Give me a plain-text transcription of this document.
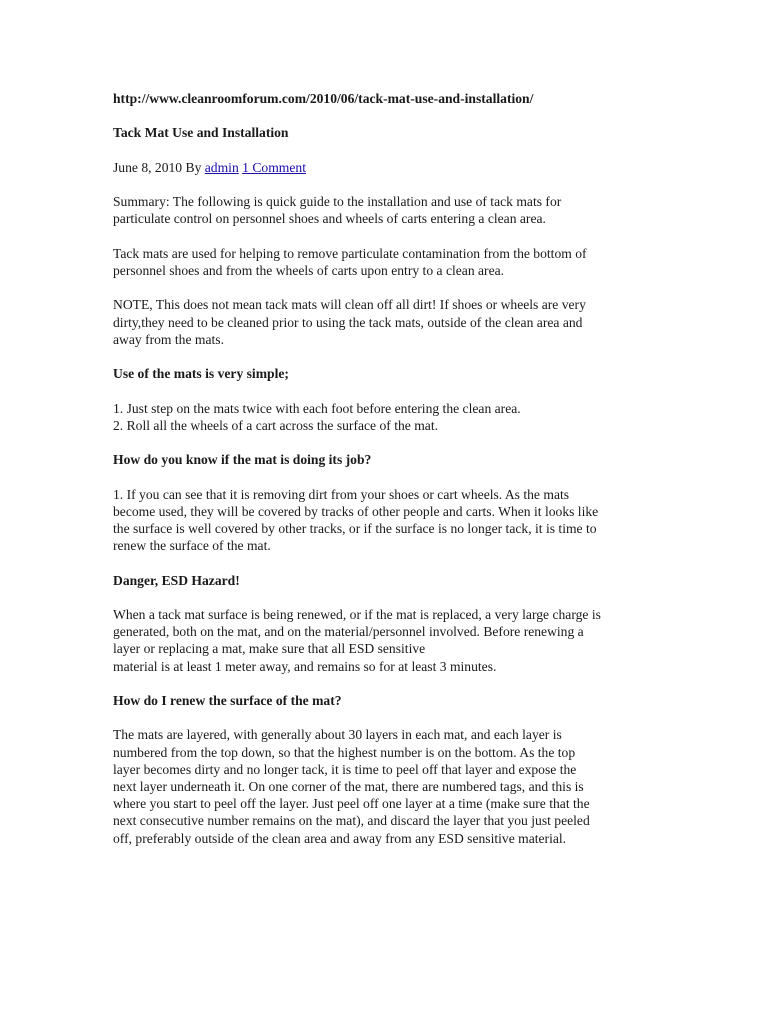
http://www.cleanroomforum.com/2010/06/tack-mat-use-and-installation/
Tack Mat Use and Installation
June 8, 2010 By admin 1 Comment
Summary: The following is quick guide to the installation and use of tack mats for
particulate control on personnel shoes and wheels of carts entering a clean area.
Tack mats are used for helping to remove particulate contamination from the bottom of
personnel shoes and from the wheels of carts upon entry to a clean area.
NOTE, This does not mean tack mats will clean off all dirt! If shoes or wheels are very
dirty,they need to be cleaned prior to using the tack mats, outside of the clean area and
away from the mats.
Use of the mats is very simple;
1. Just step on the mats twice with each foot before entering the clean area.
2. Roll all the wheels of a cart across the surface of the mat.
How do you know if the mat is doing its job?
1. If you can see that it is removing dirt from your shoes or cart wheels. As the mats
become used, they will be covered by tracks of other people and carts. When it looks like
the surface is well covered by other tracks, or if the surface is no longer tack, it is time to
renew the surface of the mat.
Danger, ESD Hazard!
When a tack mat surface is being renewed, or if the mat is replaced, a very large charge is
generated, both on the mat, and on the material/personnel involved. Before renewing a
layer or replacing a mat, make sure that all ESD sensitive
material is at least 1 meter away, and remains so for at least 3 minutes.
How do I renew the surface of the mat?
The mats are layered, with generally about 30 layers in each mat, and each layer is
numbered from the top down, so that the highest number is on the bottom. As the top
layer becomes dirty and no longer tack, it is time to peel off that layer and expose the
next layer underneath it. On one corner of the mat, there are numbered tags, and this is
where you start to peel off the layer. Just peel off one layer at a time (make sure that the
next consecutive number remains on the mat), and discard the layer that you just peeled
off, preferably outside of the clean area and away from any ESD sensitive material.
